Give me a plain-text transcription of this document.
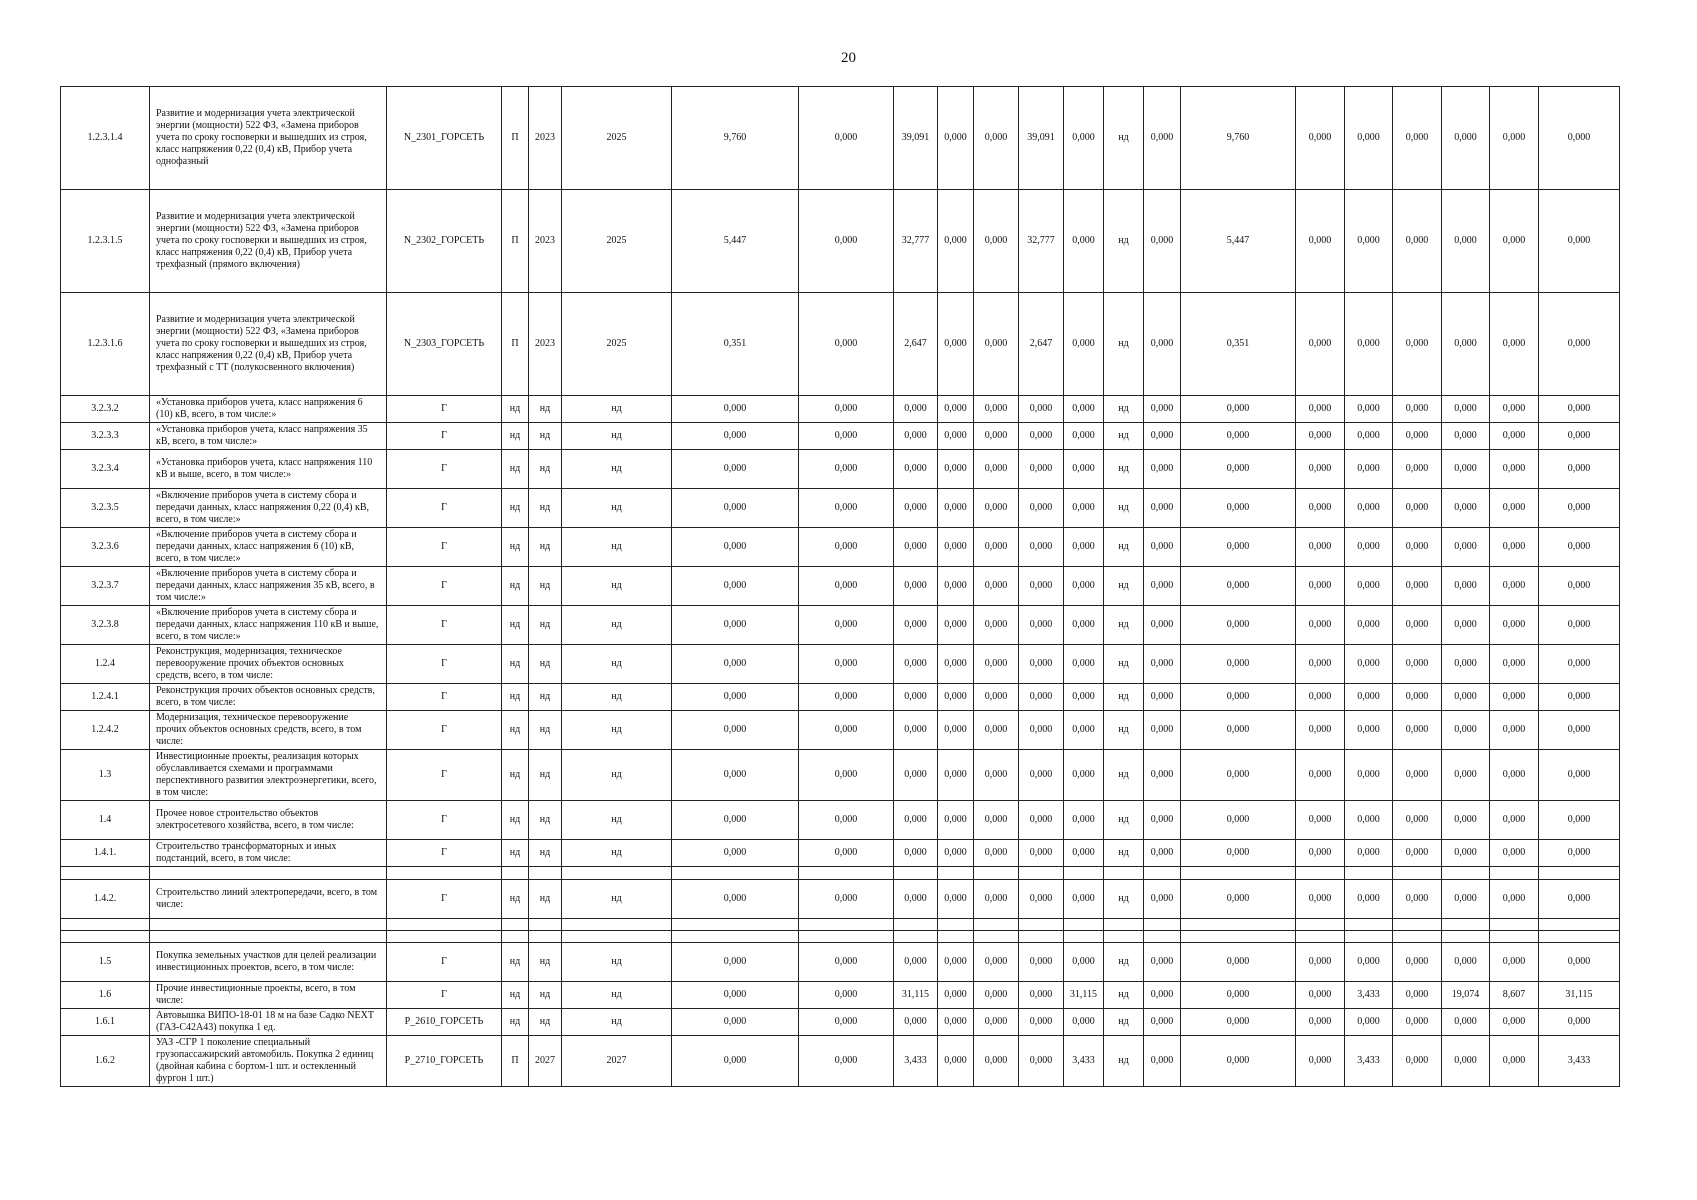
20
1.2.3.1.4	Развитие и модернизация учета электрической энергии (мощности) 522 ФЗ, «Замена приборов учета по сроку госповерки и вышедших из строя, класс напряжения 0,22 (0,4) кВ, Прибор учета однофазный	N_2301_ГОРСЕТЬ	П	2023	2025	9,760	0,000	39,091	0,000	0,000	39,091	0,000	нд	0,000	9,760	0,000	0,000	0,000	0,000	0,000	0,000
1.2.3.1.5	Развитие и модернизация учета электрической энергии (мощности) 522 ФЗ, «Замена приборов учета по сроку госповерки и вышедших из строя, класс напряжения 0,22 (0,4) кВ, Прибор учета трехфазный (прямого включения)	N_2302_ГОРСЕТЬ	П	2023	2025	5,447	0,000	32,777	0,000	0,000	32,777	0,000	нд	0,000	5,447	0,000	0,000	0,000	0,000	0,000	0,000
1.2.3.1.6	Развитие и модернизация учета электрической энергии (мощности) 522 ФЗ, «Замена приборов учета по сроку госповерки и вышедших из строя, класс напряжения 0,22 (0,4) кВ, Прибор учета трехфазный с ТТ (полукосвенного включения)	N_2303_ГОРСЕТЬ	П	2023	2025	0,351	0,000	2,647	0,000	0,000	2,647	0,000	нд	0,000	0,351	0,000	0,000	0,000	0,000	0,000	0,000
3.2.3.2	«Установка приборов учета, класс напряжения 6 (10) кВ, всего, в том числе:»	Г	нд	нд	нд	0,000	0,000	0,000	0,000	0,000	0,000	0,000	нд	0,000	0,000	0,000	0,000	0,000	0,000	0,000	0,000
3.2.3.3	«Установка приборов учета, класс напряжения 35 кВ, всего, в том числе:»	Г	нд	нд	нд	0,000	0,000	0,000	0,000	0,000	0,000	0,000	нд	0,000	0,000	0,000	0,000	0,000	0,000	0,000	0,000
3.2.3.4	«Установка приборов учета, класс напряжения 110 кВ и выше, всего, в том числе:»	Г	нд	нд	нд	0,000	0,000	0,000	0,000	0,000	0,000	0,000	нд	0,000	0,000	0,000	0,000	0,000	0,000	0,000	0,000
3.2.3.5	«Включение приборов учета в систему сбора и передачи данных, класс напряжения 0,22 (0,4) кВ, всего, в том числе:»	Г	нд	нд	нд	0,000	0,000	0,000	0,000	0,000	0,000	0,000	нд	0,000	0,000	0,000	0,000	0,000	0,000	0,000	0,000
3.2.3.6	«Включение приборов учета в систему сбора и передачи данных, класс напряжения 6 (10) кВ, всего, в том числе:»	Г	нд	нд	нд	0,000	0,000	0,000	0,000	0,000	0,000	0,000	нд	0,000	0,000	0,000	0,000	0,000	0,000	0,000	0,000
3.2.3.7	«Включение приборов учета в систему сбора и передачи данных, класс напряжения 35 кВ, всего, в том числе:»	Г	нд	нд	нд	0,000	0,000	0,000	0,000	0,000	0,000	0,000	нд	0,000	0,000	0,000	0,000	0,000	0,000	0,000	0,000
3.2.3.8	«Включение приборов учета в систему сбора и передачи данных, класс напряжения 110 кВ и выше, всего, в том числе:»	Г	нд	нд	нд	0,000	0,000	0,000	0,000	0,000	0,000	0,000	нд	0,000	0,000	0,000	0,000	0,000	0,000	0,000	0,000
1.2.4	Реконструкция, модернизация, техническое перевооружение прочих объектов основных средств, всего, в том числе:	Г	нд	нд	нд	0,000	0,000	0,000	0,000	0,000	0,000	0,000	нд	0,000	0,000	0,000	0,000	0,000	0,000	0,000	0,000
1.2.4.1	Реконструкция прочих объектов основных средств, всего, в том числе:	Г	нд	нд	нд	0,000	0,000	0,000	0,000	0,000	0,000	0,000	нд	0,000	0,000	0,000	0,000	0,000	0,000	0,000	0,000
1.2.4.2	Модернизация, техническое перевооружение прочих объектов основных средств, всего, в том числе:	Г	нд	нд	нд	0,000	0,000	0,000	0,000	0,000	0,000	0,000	нд	0,000	0,000	0,000	0,000	0,000	0,000	0,000	0,000
1.3	Инвестиционные проекты, реализация которых обуславливается схемами и программами перспективного развития электроэнергетики, всего, в том числе:	Г	нд	нд	нд	0,000	0,000	0,000	0,000	0,000	0,000	0,000	нд	0,000	0,000	0,000	0,000	0,000	0,000	0,000	0,000
1.4	Прочее новое строительство объектов электросетевого хозяйства, всего, в том числе:	Г	нд	нд	нд	0,000	0,000	0,000	0,000	0,000	0,000	0,000	нд	0,000	0,000	0,000	0,000	0,000	0,000	0,000	0,000
1.4.1.	Строительство трансформаторных и иных подстанций, всего, в том числе:	Г	нд	нд	нд	0,000	0,000	0,000	0,000	0,000	0,000	0,000	нд	0,000	0,000	0,000	0,000	0,000	0,000	0,000	0,000

1.4.2.	Строительство линий электропередачи, всего, в том числе:	Г	нд	нд	нд	0,000	0,000	0,000	0,000	0,000	0,000	0,000	нд	0,000	0,000	0,000	0,000	0,000	0,000	0,000	0,000

1.5	Покупка земельных участков для целей реализации инвестиционных проектов, всего, в том числе:	Г	нд	нд	нд	0,000	0,000	0,000	0,000	0,000	0,000	0,000	нд	0,000	0,000	0,000	0,000	0,000	0,000	0,000	0,000
1.6	Прочие инвестиционные проекты, всего, в том числе:	Г	нд	нд	нд	0,000	0,000	31,115	0,000	0,000	0,000	31,115	нд	0,000	0,000	0,000	3,433	0,000	19,074	8,607	31,115
1.6.1	Автовышка ВИПО-18-01 18 м на базе Садко NEXT (ГАЗ-С42А43) покупка 1 ед.	Р_2610_ГОРСЕТЬ	нд	нд	нд	0,000	0,000	0,000	0,000	0,000	0,000	0,000	нд	0,000	0,000	0,000	0,000	0,000	0,000	0,000	0,000
1.6.2	УАЗ -СГР 1 поколение специальный грузопассажирский автомобиль. Покупка 2 единиц (двойная кабина с бортом-1 шт. и остекленный фургон 1 шт.)	Р_2710_ГОРСЕТЬ	П	2027	2027	0,000	0,000	3,433	0,000	0,000	0,000	3,433	нд	0,000	0,000	0,000	3,433	0,000	0,000	0,000	3,433
